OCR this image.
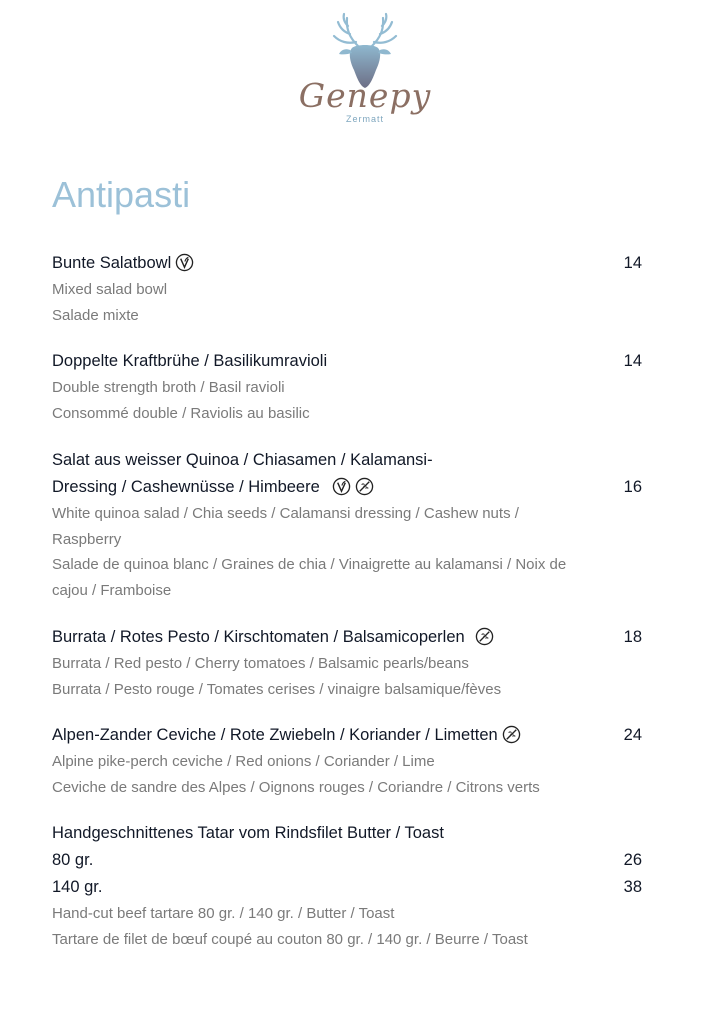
Genepy
Zermatt
Antipasti
Bunte Salatbowl	14
Mixed salad bowl
Salade mixte
Doppelte Kraftbrühe / Basilikumravioli	14
Double strength broth / Basil ravioli
Consommé double / Raviolis au basilic
Salat aus weisser Quinoa / Chiasamen / Kalamansi-
Dressing / Cashewnüsse / Himbeere	16
White quinoa salad / Chia seeds / Calamansi dressing / Cashew nuts /
Raspberry
Salade de quinoa blanc / Graines de chia / Vinaigrette au kalamansi / Noix de
cajou / Framboise
Burrata / Rotes Pesto / Kirschtomaten / Balsamicoperlen	18
Burrata / Red pesto / Cherry tomatoes / Balsamic pearls/beans
Burrata / Pesto rouge / Tomates cerises / vinaigre balsamique/fèves
Alpen-Zander Ceviche / Rote Zwiebeln / Koriander / Limetten	24
Alpine pike-perch ceviche / Red onions / Coriander / Lime
Ceviche de sandre des Alpes / Oignons rouges / Coriandre / Citrons verts
Handgeschnittenes Tatar vom Rindsfilet Butter / Toast
80 gr.	26
140 gr.	38
Hand-cut beef tartare 80 gr. / 140 gr. / Butter / Toast
Tartare de filet de bœuf coupé au couton 80 gr. / 140 gr. / Beurre / Toast
